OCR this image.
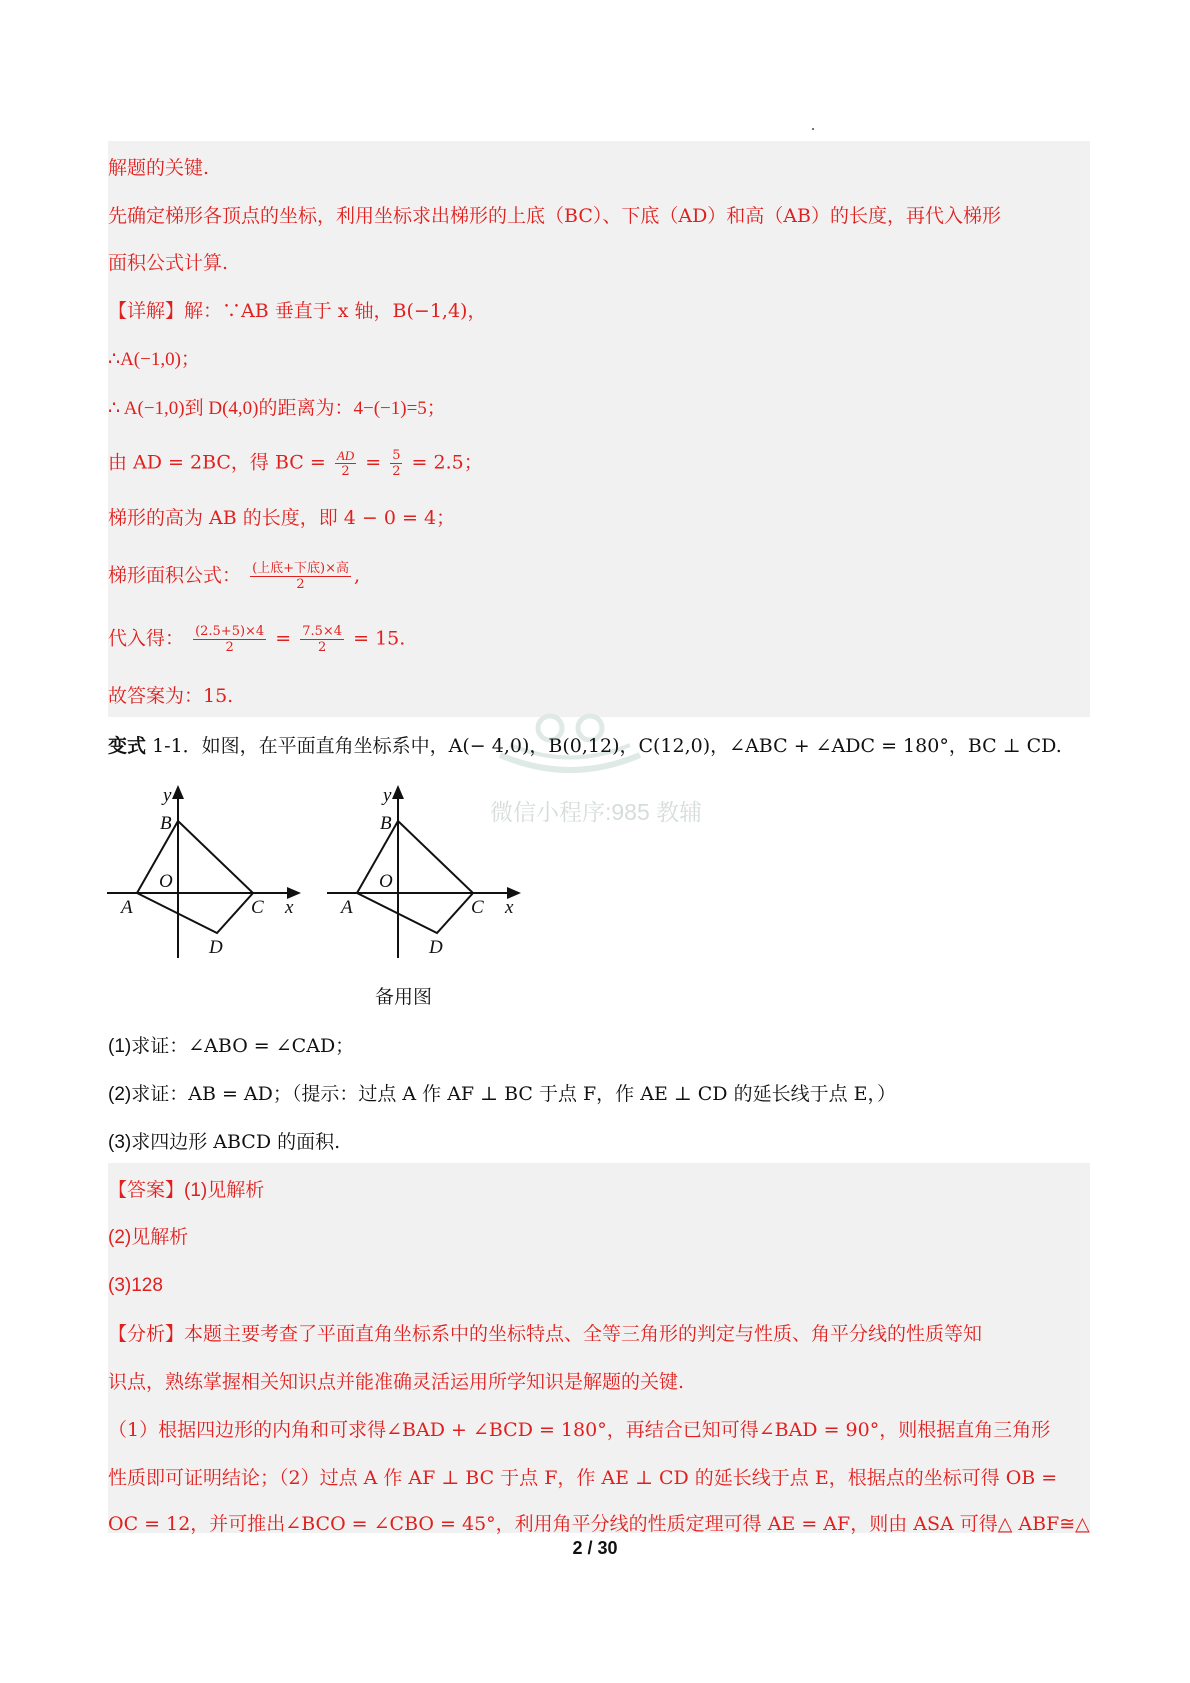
解题的关键.
先确定梯形各顶点的坐标，利用坐标求出梯形的上底（BC）、下底（AD）和高（AB）的长度，再代入梯形
面积公式计算.
【详解】解：∵AB 垂直于 x 轴，B(−1,4)，
∴A(−1,0)；
∴ A(−1,0)到 D(4,0)的距离为：4−(−1)=5；
由 AD = 2BC，得 BC = $\frac{AD}{2} = \frac{5}{2} = 2.5$；
梯形的高为 AB 的长度，即 4 − 0 = 4；
梯形面积公式： $\frac{\text{(上底+下底)×高}}{2}$ ,
代入得： $\frac{(2.5+5)\times 4}{2} = \frac{7.5\times 4}{2} = 15$.
故答案为：15.
微信小程序:985 教辅
变式 1-1．如图，在平面直角坐标系中，A(− 4,0)，B(0,12)，C(12,0)，∠ABC + ∠ADC = 180°，BC ⊥ CD.
y
B
O
A	C x
D
y
B
O
A	C x
D
备用图
(1)求证：∠ABO = ∠CAD；
(2)求证：AB = AD；（提示：过点 A 作 AF ⊥ BC 于点 F，作 AE ⊥ CD 的延长线于点 E，）
(3)求四边形 ABCD 的面积.
【答案】(1)见解析
(2)见解析
(3)128
【分析】本题主要考查了平面直角坐标系中的坐标特点、全等三角形的判定与性质、角平分线的性质等知
识点，熟练掌握相关知识点并能准确灵活运用所学知识是解题的关键.
（1）根据四边形的内角和可求得∠BAD + ∠BCD = 180°，再结合已知可得∠BAD = 90°，则根据直角三角形
性质即可证明结论；（2）过点 A 作 AF ⊥ BC 于点 F，作 AE ⊥ CD 的延长线于点 E，根据点的坐标可得 OB =
OC = 12，并可推出∠BCO = ∠CBO = 45°，利用角平分线的性质定理可得 AE = AF，则由 ASA 可得△ ABF≅△
2 / 30
